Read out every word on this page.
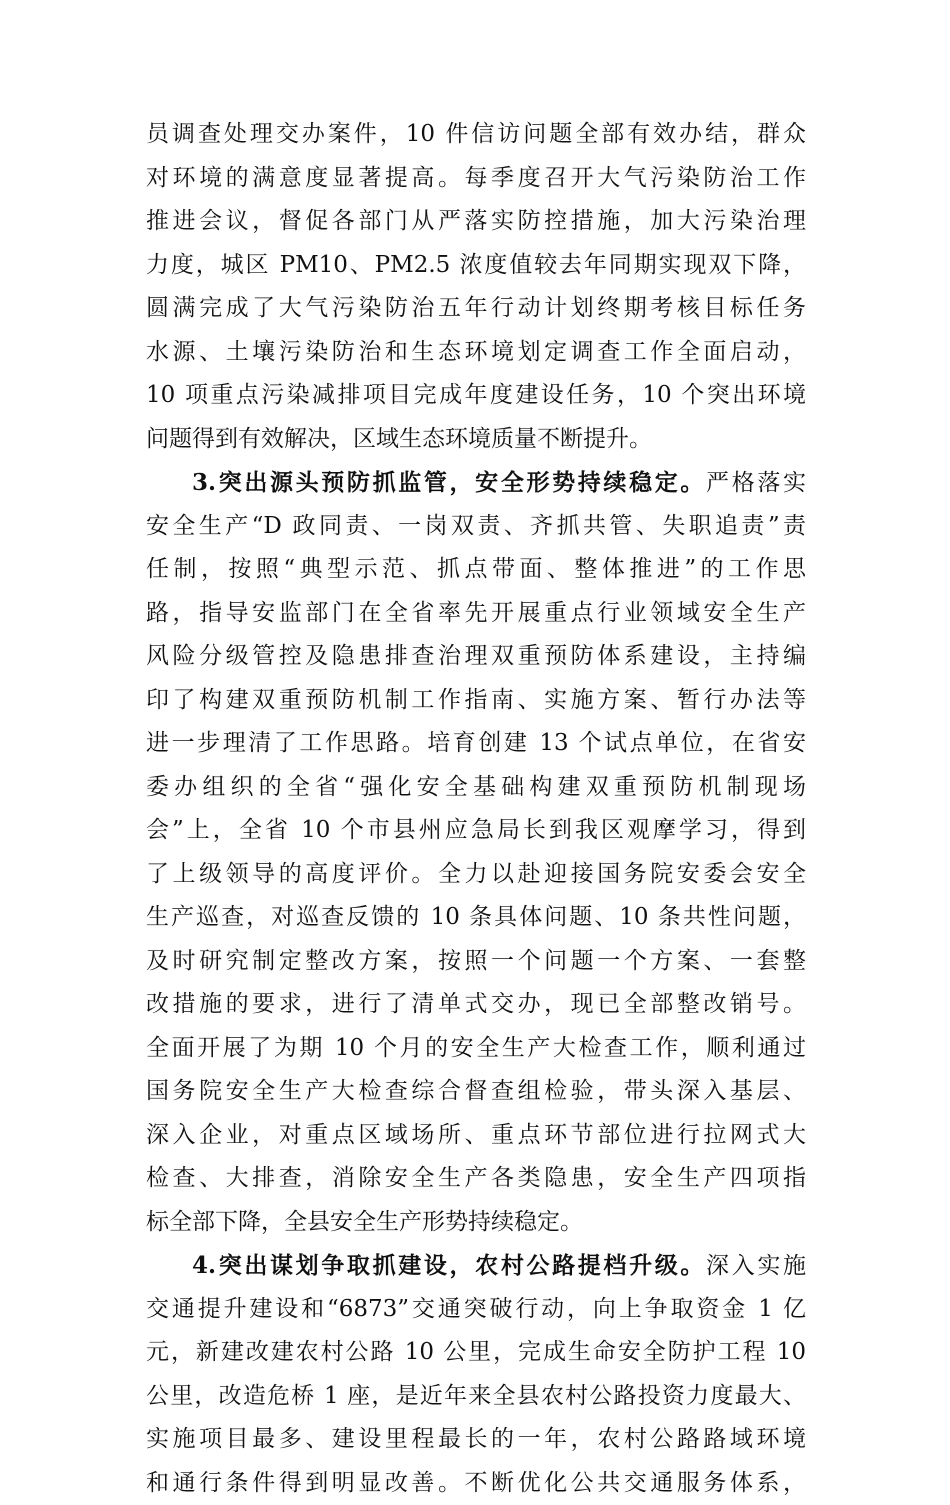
员调查处理交办案件，10 件信访问题全部有效办结，群众
对环境的满意度显著提高。每季度召开大气污染防治工作
推进会议，督促各部门从严落实防控措施，加大污染治理
力度，城区 PM10、PM2.5 浓度值较去年同期实现双下降，
圆满完成了大气污染防治五年行动计划终期考核目标任务
水源、土壤污染防治和生态环境划定调查工作全面启动，
10 项重点污染减排项目完成年度建设任务，10 个突出环境
问题得到有效解决，区域生态环境质量不断提升。
3.突出源头预防抓监管，安全形势持续稳定。严格落实
安全生产“D 政同责、一岗双责、齐抓共管、失职追责”责
任制，按照“典型示范、抓点带面、整体推进”的工作思
路，指导安监部门在全省率先开展重点行业领域安全生产
风险分级管控及隐患排查治理双重预防体系建设，主持编
印了构建双重预防机制工作指南、实施方案、暂行办法等
进一步理清了工作思路。培育创建 13 个试点单位，在省安
委办组织的全省“强化安全基础构建双重预防机制现场
会”上，全省 10 个市县州应急局长到我区观摩学习，得到
了上级领导的高度评价。全力以赴迎接国务院安委会安全
生产巡查，对巡查反馈的 10 条具体问题、10 条共性问题，
及时研究制定整改方案，按照一个问题一个方案、一套整
改措施的要求，进行了清单式交办，现已全部整改销号。
全面开展了为期 10 个月的安全生产大检查工作，顺利通过
国务院安全生产大检查综合督查组检验，带头深入基层、
深入企业，对重点区域场所、重点环节部位进行拉网式大
检查、大排查，消除安全生产各类隐患，安全生产四项指
标全部下降，全县安全生产形势持续稳定。
4.突出谋划争取抓建设，农村公路提档升级。深入实施
交通提升建设和“6873”交通突破行动，向上争取资金 1 亿
元，新建改建农村公路 10 公里，完成生命安全防护工程 10
公里，改造危桥 1 座，是近年来全县农村公路投资力度最大、
实施项目最多、建设里程最长的一年，农村公路路域环境
和通行条件得到明显改善。不断优化公共交通服务体系，
